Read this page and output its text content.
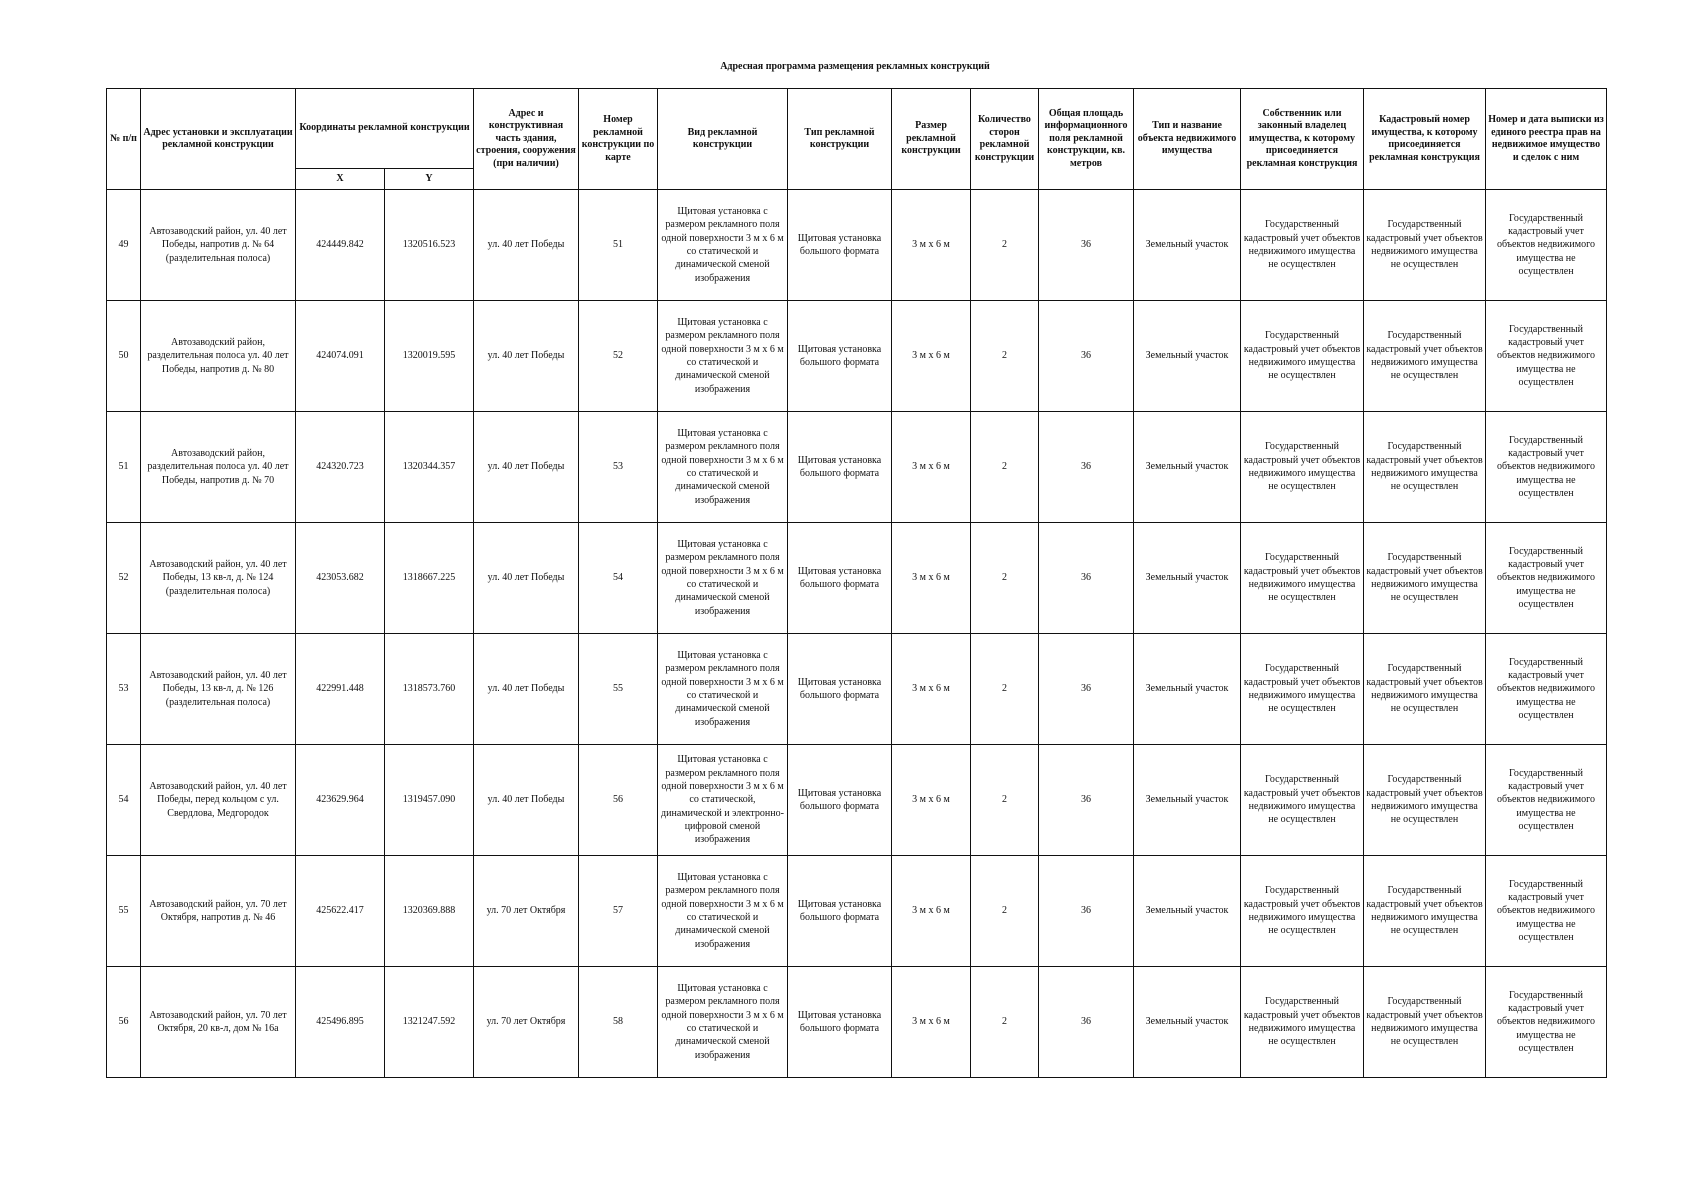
Адресная программа размещения рекламных конструкций
№ п/п	Адрес установки и эксплуатации рекламной конструкции	Координаты рекламной конструкции		Адрес и конструктивная часть здания, строения, сооружения (при наличии)	Номер рекламной конструкции по карте	Вид рекламной конструкции	Тип рекламной конструкции	Размер рекламной конструкции	Количество сторон рекламной конструкции	Общая площадь информационного поля рекламной конструкции, кв. метров	Тип и название объекта недвижимого имущества	Собственник или законный владелец имущества, к которому присоединяется рекламная конструкция	Кадастровый номер имущества, к которому присоединяется рекламная конструкция	Номер и дата выписки из единого реестра прав на недвижимое имущество и сделок с ним
		X	Y											
49	Автозаводский район, ул. 40 лет Победы, напротив д. № 64 (разделительная полоса)	424449.842	1320516.523	ул. 40 лет Победы	51	Щитовая установка с размером рекламного поля одной поверхности 3 м х 6 м со статической и динамической сменой изображения	Щитовая установка большого формата	3 м х 6 м	2	36	Земельный участок	Государственный кадастровый учет объектов недвижимого имущества не осуществлен	Государственный кадастровый учет объектов недвижимого имущества не осуществлен	Государственный кадастровый учет объектов недвижимого имущества не осуществлен
50	Автозаводский район, разделительная полоса ул. 40 лет Победы, напротив д. № 80	424074.091	1320019.595	ул. 40 лет Победы	52	Щитовая установка с размером рекламного поля одной поверхности 3 м х 6 м со статической и динамической сменой изображения	Щитовая установка большого формата	3 м х 6 м	2	36	Земельный участок	Государственный кадастровый учет объектов недвижимого имущества не осуществлен	Государственный кадастровый учет объектов недвижимого имущества не осуществлен	Государственный кадастровый учет объектов недвижимого имущества не осуществлен
51	Автозаводский район, разделительная полоса ул. 40 лет Победы, напротив д. № 70	424320.723	1320344.357	ул. 40 лет Победы	53	Щитовая установка с размером рекламного поля одной поверхности 3 м х 6 м со статической и динамической сменой изображения	Щитовая установка большого формата	3 м х 6 м	2	36	Земельный участок	Государственный кадастровый учет объектов недвижимого имущества не осуществлен	Государственный кадастровый учет объектов недвижимого имущества не осуществлен	Государственный кадастровый учет объектов недвижимого имущества не осуществлен
52	Автозаводский район, ул. 40 лет Победы, 13 кв-л, д. № 124 (разделительная полоса)	423053.682	1318667.225	ул. 40 лет Победы	54	Щитовая установка с размером рекламного поля одной поверхности 3 м х 6 м со статической и динамической сменой изображения	Щитовая установка большого формата	3 м х 6 м	2	36	Земельный участок	Государственный кадастровый учет объектов недвижимого имущества не осуществлен	Государственный кадастровый учет объектов недвижимого имущества не осуществлен	Государственный кадастровый учет объектов недвижимого имущества не осуществлен
53	Автозаводский район, ул. 40 лет Победы, 13 кв-л, д. № 126 (разделительная полоса)	422991.448	1318573.760	ул. 40 лет Победы	55	Щитовая установка с размером рекламного поля одной поверхности 3 м х 6 м со статической и динамической сменой изображения	Щитовая установка большого формата	3 м х 6 м	2	36	Земельный участок	Государственный кадастровый учет объектов недвижимого имущества не осуществлен	Государственный кадастровый учет объектов недвижимого имущества не осуществлен	Государственный кадастровый учет объектов недвижимого имущества не осуществлен
54	Автозаводский район, ул. 40 лет Победы, перед кольцом с ул. Свердлова, Медгородок	423629.964	1319457.090	ул. 40 лет Победы	56	Щитовая установка с размером рекламного поля одной поверхности 3 м х 6 м со статической, динамической и электронно-цифровой сменой изображения	Щитовая установка большого формата	3 м х 6 м	2	36	Земельный участок	Государственный кадастровый учет объектов недвижимого имущества не осуществлен	Государственный кадастровый учет объектов недвижимого имущества не осуществлен	Государственный кадастровый учет объектов недвижимого имущества не осуществлен
55	Автозаводский район, ул. 70 лет Октября, напротив д. № 46	425622.417	1320369.888	ул. 70 лет Октября	57	Щитовая установка с размером рекламного поля одной поверхности 3 м х 6 м со статической и динамической сменой изображения	Щитовая установка большого формата	3 м х 6 м	2	36	Земельный участок	Государственный кадастровый учет объектов недвижимого имущества не осуществлен	Государственный кадастровый учет объектов недвижимого имущества не осуществлен	Государственный кадастровый учет объектов недвижимого имущества не осуществлен
56	Автозаводский район, ул. 70 лет Октября, 20 кв-л, дом № 16а	425496.895	1321247.592	ул. 70 лет Октября	58	Щитовая установка с размером рекламного поля одной поверхности 3 м х 6 м со статической и динамической сменой изображения	Щитовая установка большого формата	3 м х 6 м	2	36	Земельный участок	Государственный кадастровый учет объектов недвижимого имущества не осуществлен	Государственный кадастровый учет объектов недвижимого имущества не осуществлен	Государственный кадастровый учет объектов недвижимого имущества не осуществлен
